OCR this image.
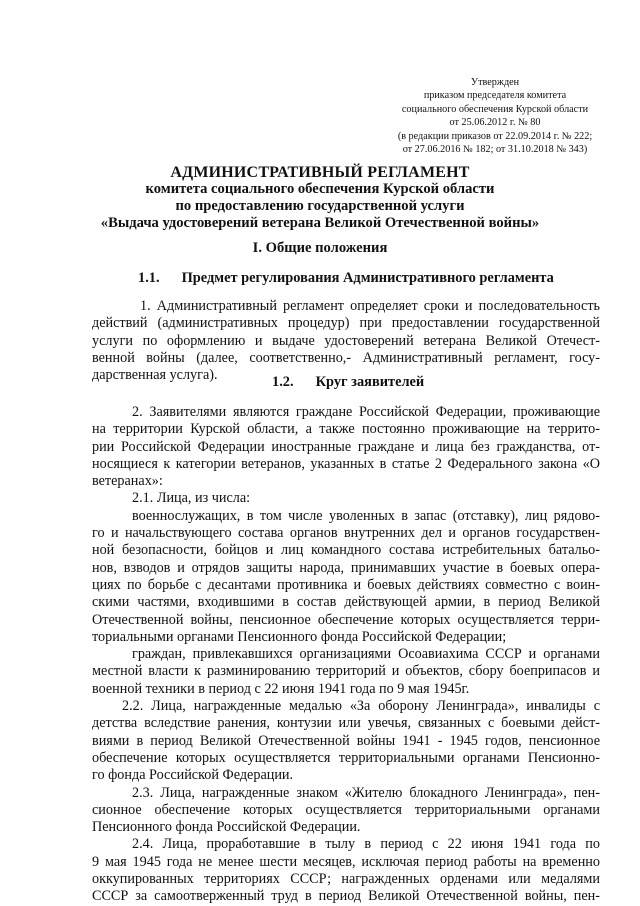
Утвержден
приказом председателя комитета
социального обеспечения Курской области
от 25.06.2012 г. № 80
(в редакции приказов от 22.09.2014 г. № 222;
от 27.06.2016 № 182; от 31.10.2018 № 343)
АДМИНИСТРАТИВНЫЙ РЕГЛАМЕНТ
комитета социального обеспечения Курской области
по предоставлению государственной услуги
«Выдача удостоверений ветерана Великой Отечественной войны»
I. Общие положения
1.1. Предмет регулирования Административного регламента
1. Административный регламент определяет сроки и последовательность
действий (административных процедур) при предоставлении государственной
услуги по оформлению и выдаче удостоверений ветерана Великой Отечест-
венной войны (далее, соответственно,- Административный регламент, госу-
дарственная услуга).	1.2. Круг заявителей
2. Заявителями являются граждане Российской Федерации, проживающие
на территории Курской области, а также постоянно проживающие на террито-
рии Российской Федерации иностранные граждане и лица без гражданства, от-
носящиеся к категории ветеранов, указанных в статье 2 Федерального закона «О
ветеранах»:
2.1. Лица, из числа:
военнослужащих, в том числе уволенных в запас (отставку), лиц рядово-
го и начальствующего состава органов внутренних дел и органов государствен-
ной безопасности, бойцов и лиц командного состава истребительных батальо-
нов, взводов и отрядов защиты народа, принимавших участие в боевых опера-
циях по борьбе с десантами противника и боевых действиях совместно с воин-
скими частями, входившими в состав действующей армии, в период Великой
Отечественной войны, пенсионное обеспечение которых осуществляется терри-
ториальными органами Пенсионного фонда Российской Федерации;
граждан, привлекавшихся организациями Осоавиахима СССР и органами
местной власти к разминированию территорий и объектов, сбору боеприпасов и
военной техники в период с 22 июня 1941 года по 9 мая 1945г.
2.2. Лица, награжденные медалью «За оборону Ленинграда», инвалиды с
детства вследствие ранения, контузии или увечья, связанных с боевыми дейст-
виями в период Великой Отечественной войны 1941 - 1945 годов, пенсионное
обеспечение которых осуществляется территориальными органами Пенсионно-
го фонда Российской Федерации.
2.3. Лица, награжденные знаком «Жителю блокадного Ленинграда», пен-
сионное обеспечение которых осуществляется территориальными органами
Пенсионного фонда Российской Федерации.
2.4. Лица, проработавшие в тылу в период с 22 июня 1941 года по
9 мая 1945 года не менее шести месяцев, исключая период работы на временно
оккупированных территориях СССР; награжденных орденами или медалями
СССР за самоотверженный труд в период Великой Отечественной войны, пен-
